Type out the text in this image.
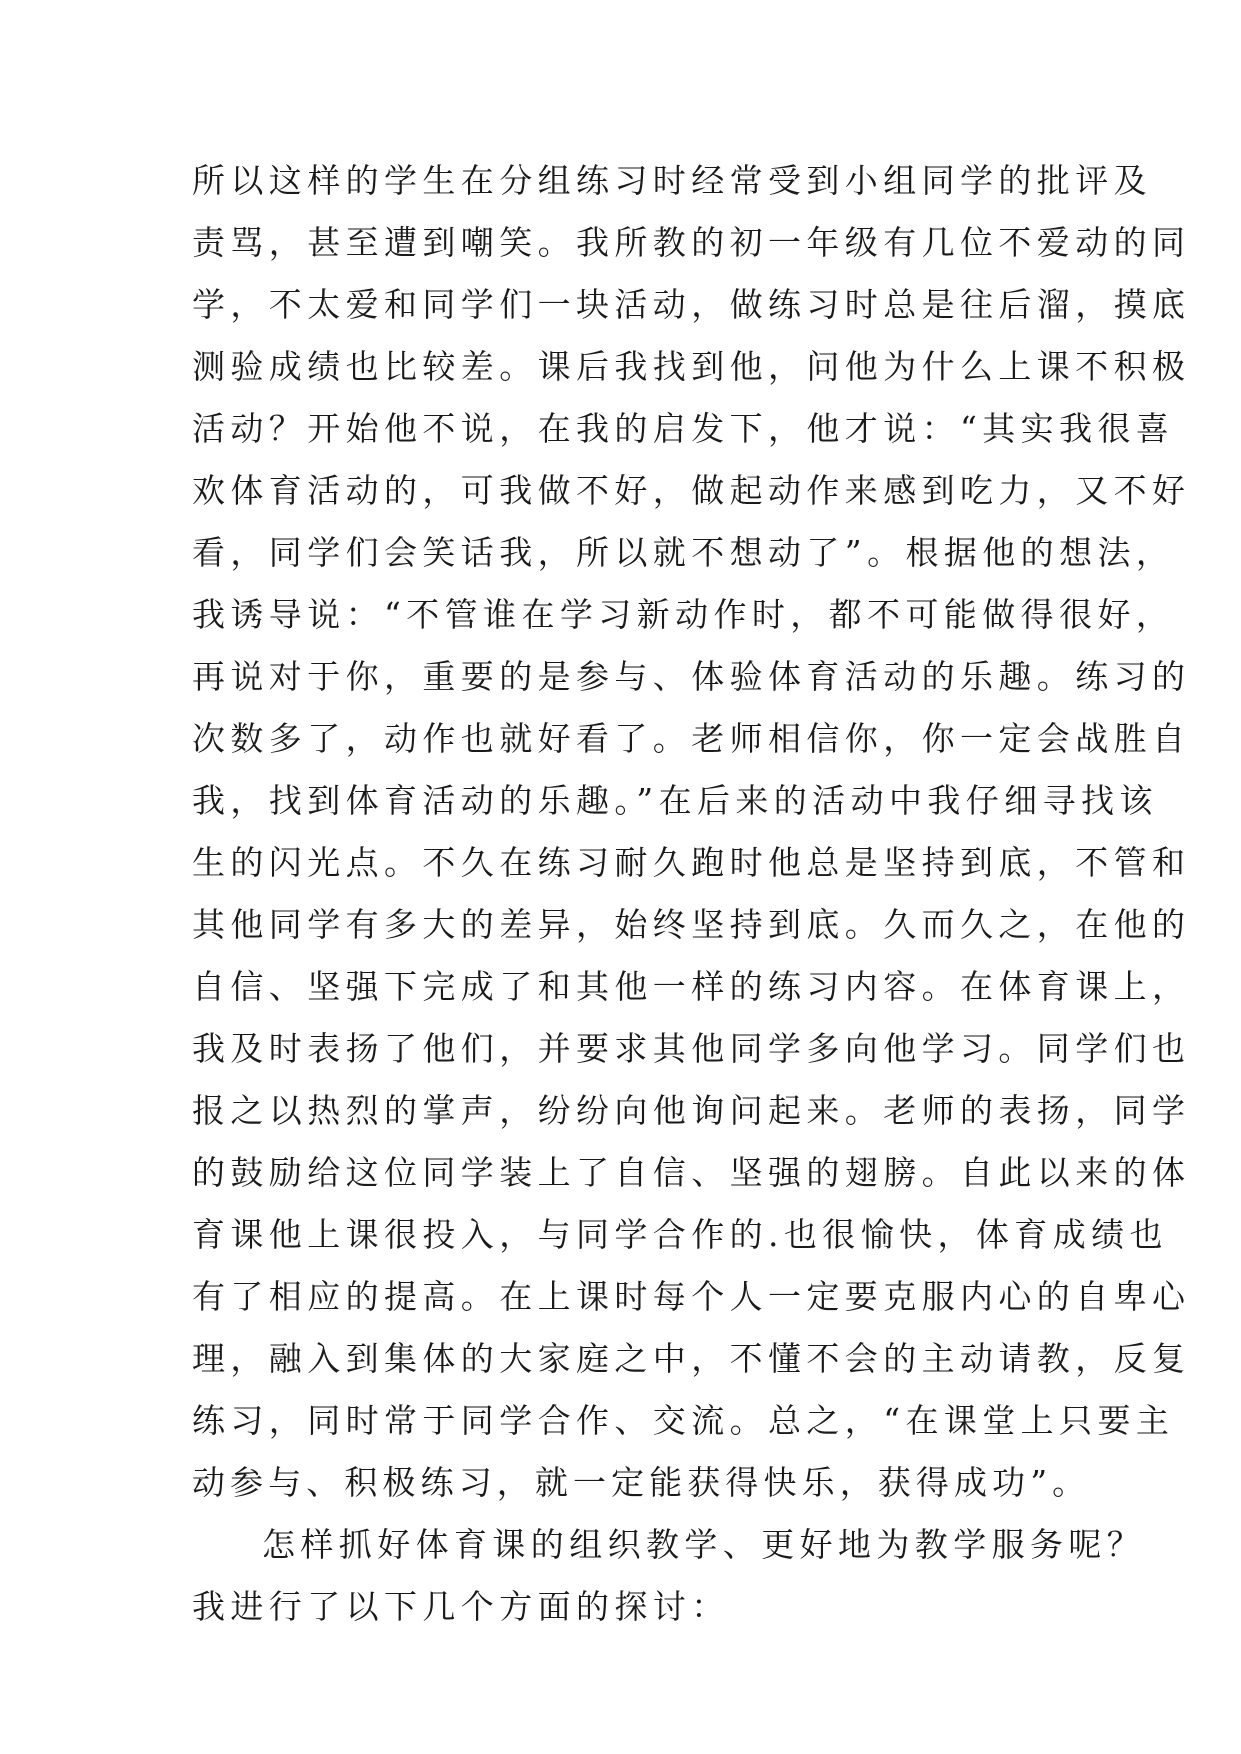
所以这样的学生在分组练习时经常受到小组同学的批评及
责骂，甚至遭到嘲笑。我所教的初一年级有几位不爱动的同
学，不太爱和同学们一块活动，做练习时总是往后溜，摸底
测验成绩也比较差。课后我找到他，问他为什么上课不积极
活动？开始他不说，在我的启发下，他才说：“其实我很喜
欢体育活动的，可我做不好，做起动作来感到吃力，又不好
看，同学们会笑话我，所以就不想动了”。根据他的想法，
我诱导说：“不管谁在学习新动作时，都不可能做得很好，
再说对于你，重要的是参与、体验体育活动的乐趣。练习的
次数多了，动作也就好看了。老师相信你，你一定会战胜自
我，找到体育活动的乐趣。”在后来的活动中我仔细寻找该
生的闪光点。不久在练习耐久跑时他总是坚持到底，不管和
其他同学有多大的差异，始终坚持到底。久而久之，在他的
自信、坚强下完成了和其他一样的练习内容。在体育课上，
我及时表扬了他们，并要求其他同学多向他学习。同学们也
报之以热烈的掌声，纷纷向他询问起来。老师的表扬，同学
的鼓励给这位同学装上了自信、坚强的翅膀。自此以来的体
育课他上课很投入，与同学合作的.也很愉快，体育成绩也
有了相应的提高。在上课时每个人一定要克服内心的自卑心
理，融入到集体的大家庭之中，不懂不会的主动请教，反复
练习，同时常于同学合作、交流。总之，“在课堂上只要主
动参与、积极练习，就一定能获得快乐，获得成功”。
怎样抓好体育课的组织教学、更好地为教学服务呢？
我进行了以下几个方面的探讨：
